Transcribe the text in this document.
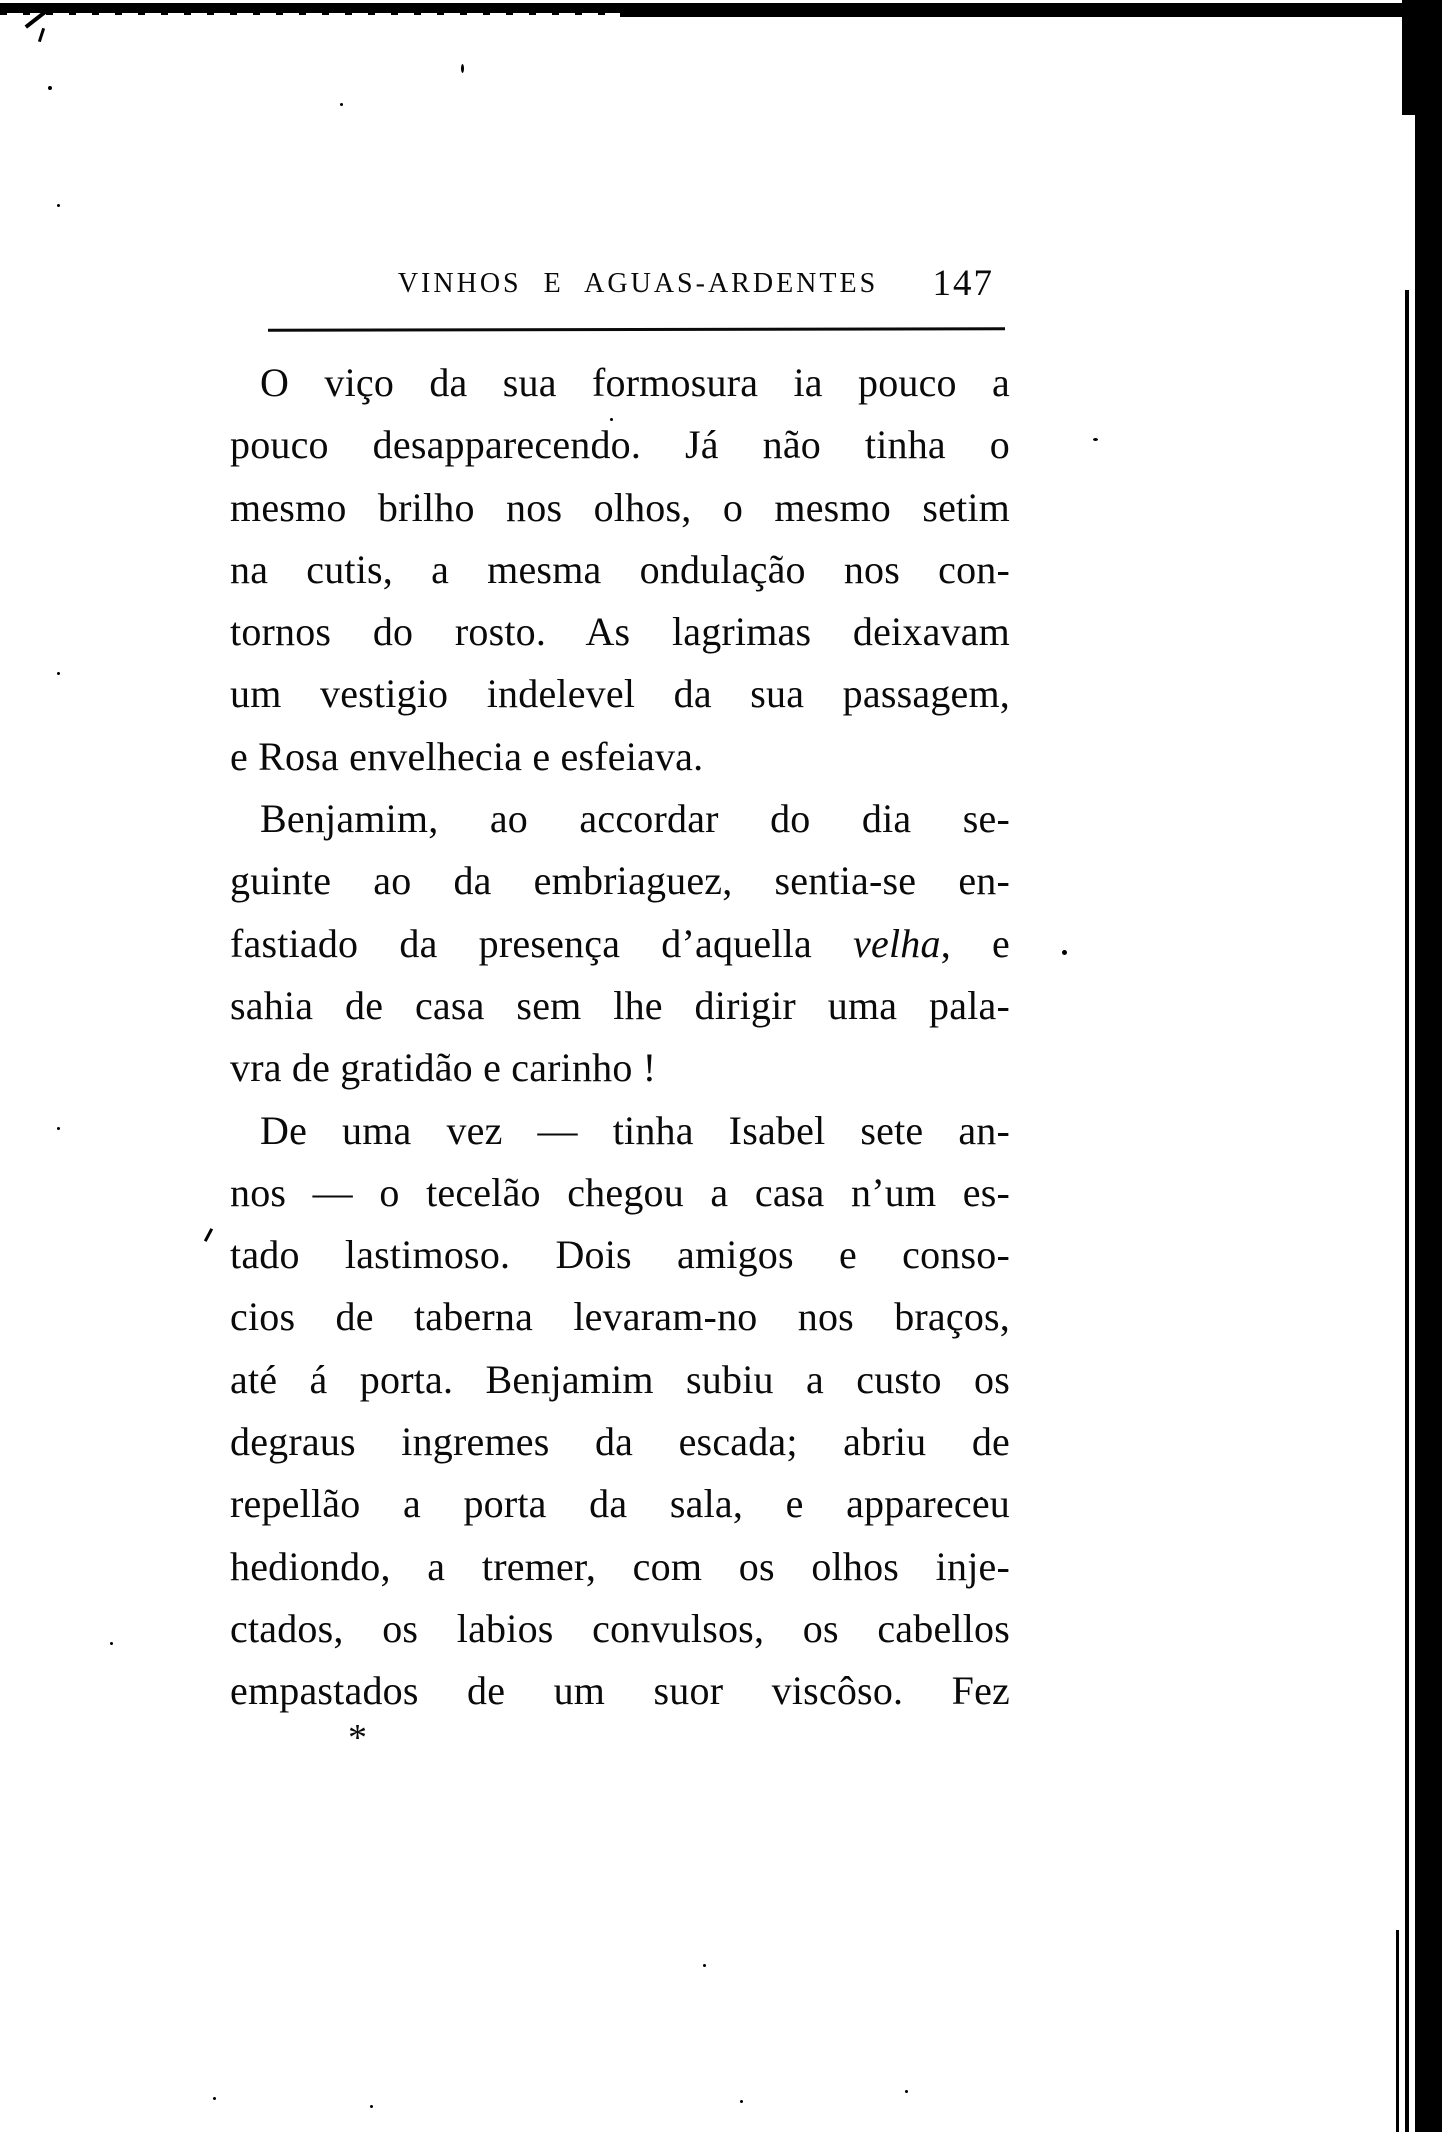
VINHOS E AGUAS-ARDENTES 147
O viço da sua formosura ia pouco a
pouco desapparecendo. Já não tinha o
mesmo brilho nos olhos, o mesmo setim
na cutis, a mesma ondulação nos con-
tornos do rosto. As lagrimas deixavam
um vestigio indelevel da sua passagem,
e Rosa envelhecia e esfeiava.
Benjamim, ao accordar do dia se-
guinte ao da embriaguez, sentia-se en-
fastiado da presença d’aquella velha, e
sahia de casa sem lhe dirigir uma pala-
vra de gratidão e carinho !
De uma vez — tinha Isabel sete an-
nos — o tecelão chegou a casa n’um es-
tado lastimoso. Dois amigos e conso-
cios de taberna levaram-no nos braços,
até á porta. Benjamim subiu a custo os
degraus ingremes da escada; abriu de
repellão a porta da sala, e appareceu
hediondo, a tremer, com os olhos inje-
ctados, os labios convulsos, os cabellos
empastados de um suor viscôso. Fez
*
